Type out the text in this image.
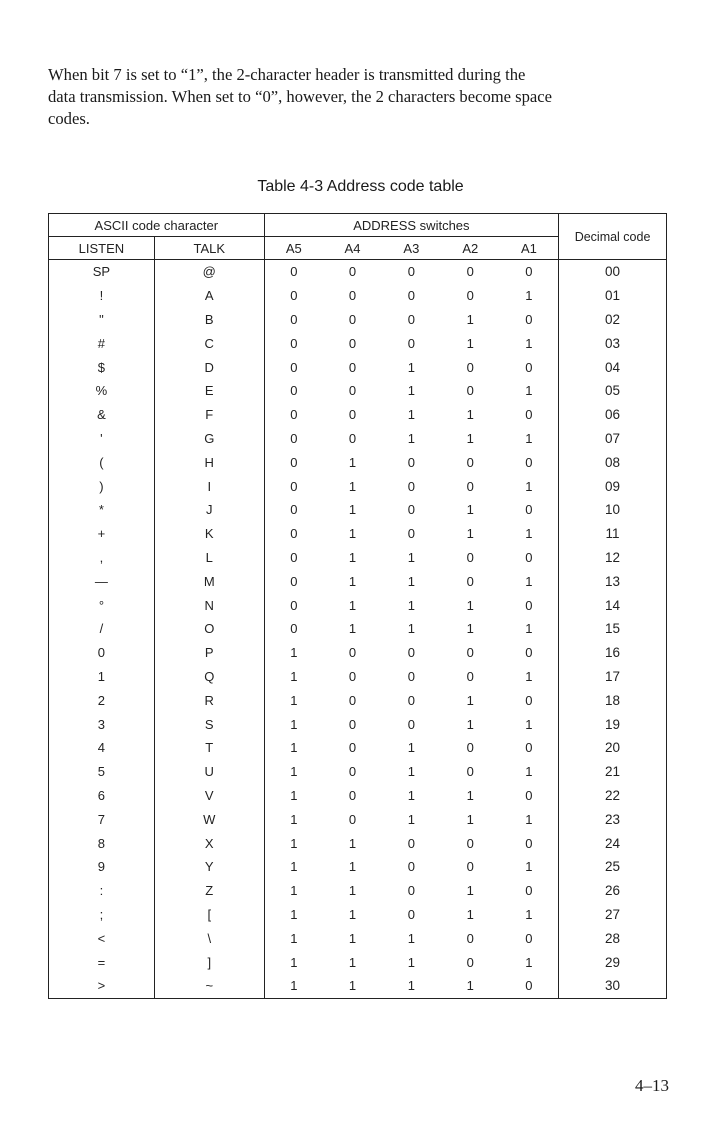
When bit 7 is set to “1”, the 2-character header is transmitted during the
data transmission. When set to “0”, however, the 2 characters become space
codes.
Table 4-3 Address code table
ASCII code character		ADDRESS switches					Decimal code
LISTEN	TALK	A5	A4	A3	A2	A1	
SP	@	0	0	0	0	0	00
!	A	0	0	0	0	1	01
"	B	0	0	0	1	0	02
#	C	0	0	0	1	1	03
$	D	0	0	1	0	0	04
%	E	0	0	1	0	1	05
&	F	0	0	1	1	0	06
'	G	0	0	1	1	1	07
(	H	0	1	0	0	0	08
)	I	0	1	0	0	1	09
*	J	0	1	0	1	0	10
+	K	0	1	0	1	1	11
,	L	0	1	1	0	0	12
—	M	0	1	1	0	1	13
°	N	0	1	1	1	0	14
/	O	0	1	1	1	1	15
0	P	1	0	0	0	0	16
1	Q	1	0	0	0	1	17
2	R	1	0	0	1	0	18
3	S	1	0	0	1	1	19
4	T	1	0	1	0	0	20
5	U	1	0	1	0	1	21
6	V	1	0	1	1	0	22
7	W	1	0	1	1	1	23
8	X	1	1	0	0	0	24
9	Y	1	1	0	0	1	25
:	Z	1	1	0	1	0	26
;	[	1	1	0	1	1	27
<	\	1	1	1	0	0	28
=	]	1	1	1	0	1	29
>	~	1	1	1	1	0	30
4–13
